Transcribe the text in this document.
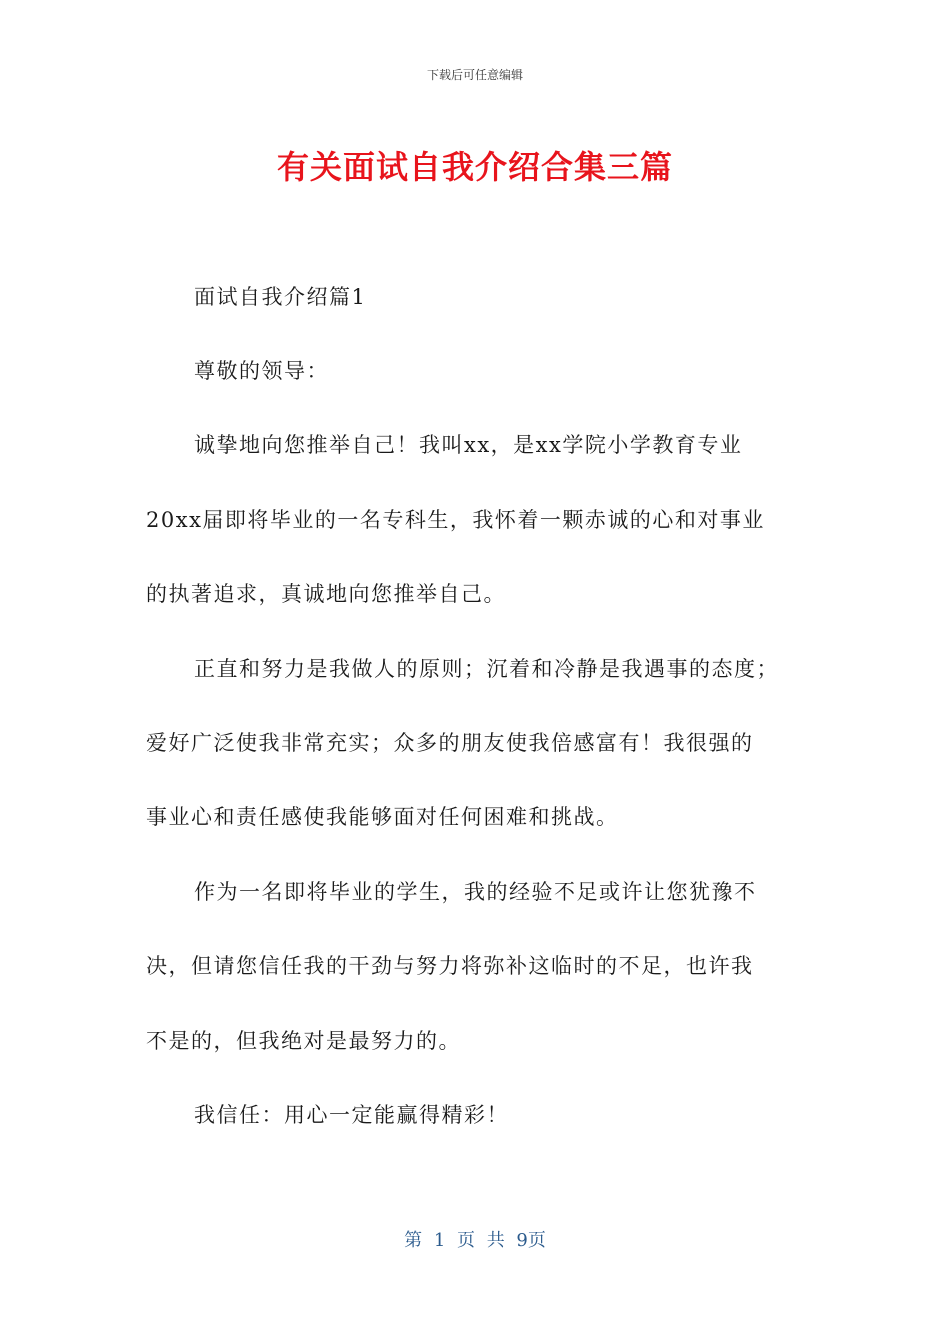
下载后可任意编辑
有关面试自我介绍合集三篇
面试自我介绍篇1
尊敬的领导：
诚挚地向您推举自己！我叫xx，是xx学院小学教育专业
20xx届即将毕业的一名专科生，我怀着一颗赤诚的心和对事业
的执著追求，真诚地向您推举自己。
正直和努力是我做人的原则；沉着和冷静是我遇事的态度；
爱好广泛使我非常充实；众多的朋友使我倍感富有！我很强的
事业心和责任感使我能够面对任何困难和挑战。
作为一名即将毕业的学生，我的经验不足或许让您犹豫不
决，但请您信任我的干劲与努力将弥补这临时的不足，也许我
不是的，但我绝对是最努力的。
我信任：用心一定能赢得精彩！
第 1 页 共 9页
